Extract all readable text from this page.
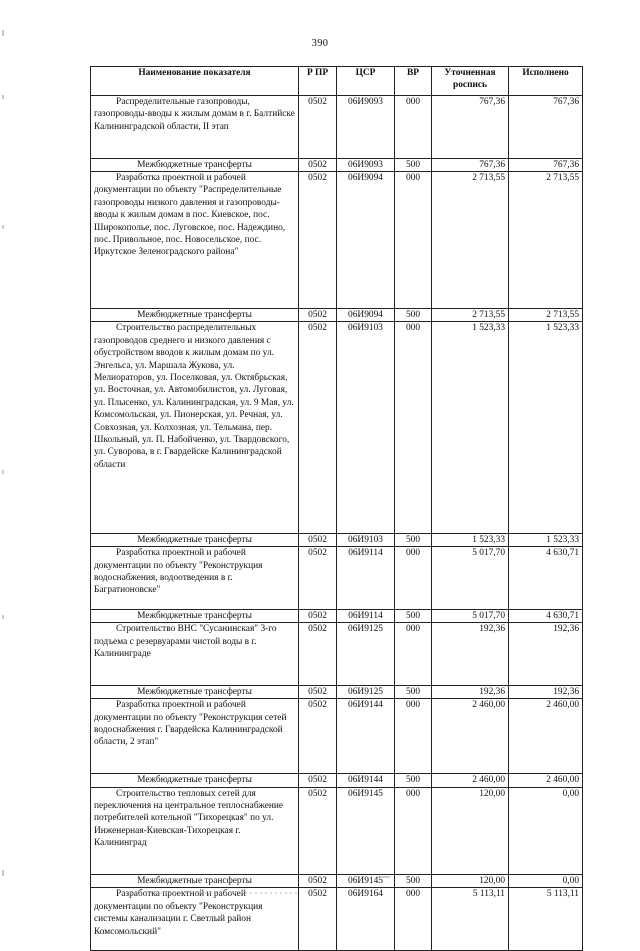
390
Наименование показателя	Р ПР	ЦСР	ВР	Уточненная роспись	Исполнено

Распределительные газопроводы, газопроводы-вводы к жилым домам в г. Балтийске Калининградской области, II этап	0502	06И9093	000	767,36	767,36
Межбюджетные трансферты	0502	06И9093	500	767,36	767,36

Разработка проектной и рабочей документации по объекту "Распределительные газопроводы низкого давления и газопроводы-вводы к жилым домам в пос. Киевское, пос. Широкополье, пос. Луговское, пос. Надеждино, пос. Привольное, пос. Новосельское, пос. Иркутское Зеленоградского района"	0502	06И9094	000	2 713,55	2 713,55
Межбюджетные трансферты	0502	06И9094	500	2 713,55	2 713,55

Строительство распределительных газопроводов среднего и низкого давления с обустройством вводов к жилым домам по ул. Энгельса, ул. Маршала Жукова, ул. Мелиораторов, ул. Поселковая, ул. Октябрьская, ул. Восточная, ул. Автомобилистов, ул. Луговая, ул. Плысенко, ул. Калининградская, ул. 9 Мая, ул. Комсомольская, ул. Пионерская, ул. Речная, ул. Совхозная, ул. Колхозная, ул. Тельмана, пер. Школьный, ул. П. Набойченко, ул. Твардовского, ул. Суворова, в г. Гвардейске Калининградской области	0502	06И9103	000	1 523,33	1 523,33
Межбюджетные трансферты	0502	06И9103	500	1 523,33	1 523,33

Разработка проектной и рабочей документации по объекту "Реконструкция водоснабжения, водоотведения в г. Багратионовске"	0502	06И9114	000	5 017,70	4 630,71
Межбюджетные трансферты	0502	06И9114	500	5 017,70	4 630,71

Строительство ВНС "Сусанинская" 3-го подъема с резервуарами чистой воды в г. Калининграде	0502	06И9125	000	192,36	192,36
Межбюджетные трансферты	0502	06И9125	500	192,36	192,36

Разработка проектной и рабочей документации по объекту "Реконструкция сетей водоснабжения г. Гвардейска Калининградской области, 2 этап"	0502	06И9144	000	2 460,00	2 460,00
Межбюджетные трансферты	0502	06И9144	500	2 460,00	2 460,00

Строительство тепловых сетей для переключения на центральное теплоснабжение потребителей котельной "Тихорецкая" по ул. Инженерная-Киевская-Тихорецкая г. Калининград	0502	06И9145	000	120,00	0,00
Межбюджетные трансферты	0502	06И9145	500	120,00	0,00

Разработка проектной и рабочей документации по объекту "Реконструкция системы канализации г. Светлый район Комсомольский"	0502	06И9164	000	5 113,11	5 113,11
